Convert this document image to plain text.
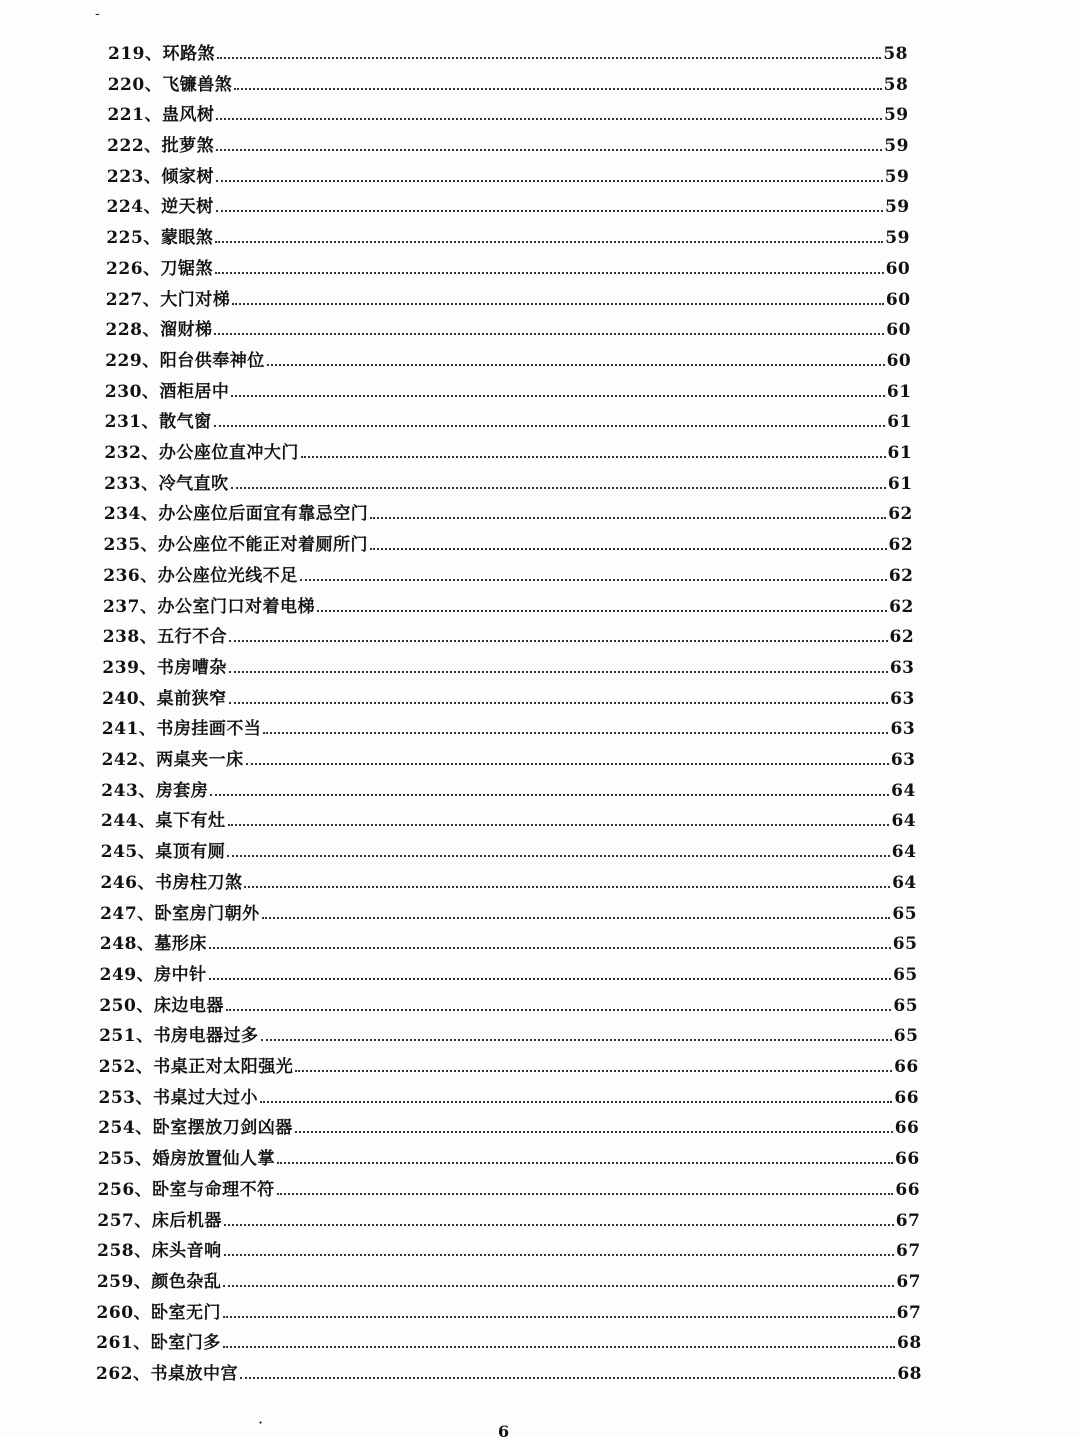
-
219 、 环路煞	58
220 、 飞镰兽煞	58
221 、 蛊风树	59
222 、 批萝煞	59
223 、 倾家树	59
224 、 逆天树	59
225 、 蒙眼煞	59
226 、 刀锯煞	60
227 、 大门对梯	60
228 、 溜财梯	60
229 、 阳台供奉神位	60
230 、 酒柜居中	61
231 、 散气窗	61
232 、 办公座位直冲大门	61
233 、 冷气直吹	61
234 、 办公座位后面宜有靠忌空门	62
235 、 办公座位不能正对着厕所门	62
236 、 办公座位光线不足	62
237 、 办公室门口对着电梯	62
238 、 五行不合	62
239 、 书房嘈杂	63
240 、 桌前狭窄	63
241 、 书房挂画不当	63
242 、 两桌夹一床	63
243 、 房套房	64
244 、 桌下有灶	64
245 、 桌顶有厕	64
246 、 书房柱刀煞	64
247 、 卧室房门朝外	65
248 、 墓形床	65
249 、 房中针	65
250 、 床边电器	65
251 、 书房电器过多	65
252 、 书桌正对太阳强光	66
253 、 书桌过大过小	66
254 、 卧室摆放刀剑凶器	66
255 、 婚房放置仙人掌	66
256 、 卧室与命理不符	66
257 、 床后机器	67
258 、 床头音响	67
259 、 颜色杂乱	67
260 、 卧室无门	67
261 、 卧室门多	68
262 、 书桌放中宫	68
·	6
